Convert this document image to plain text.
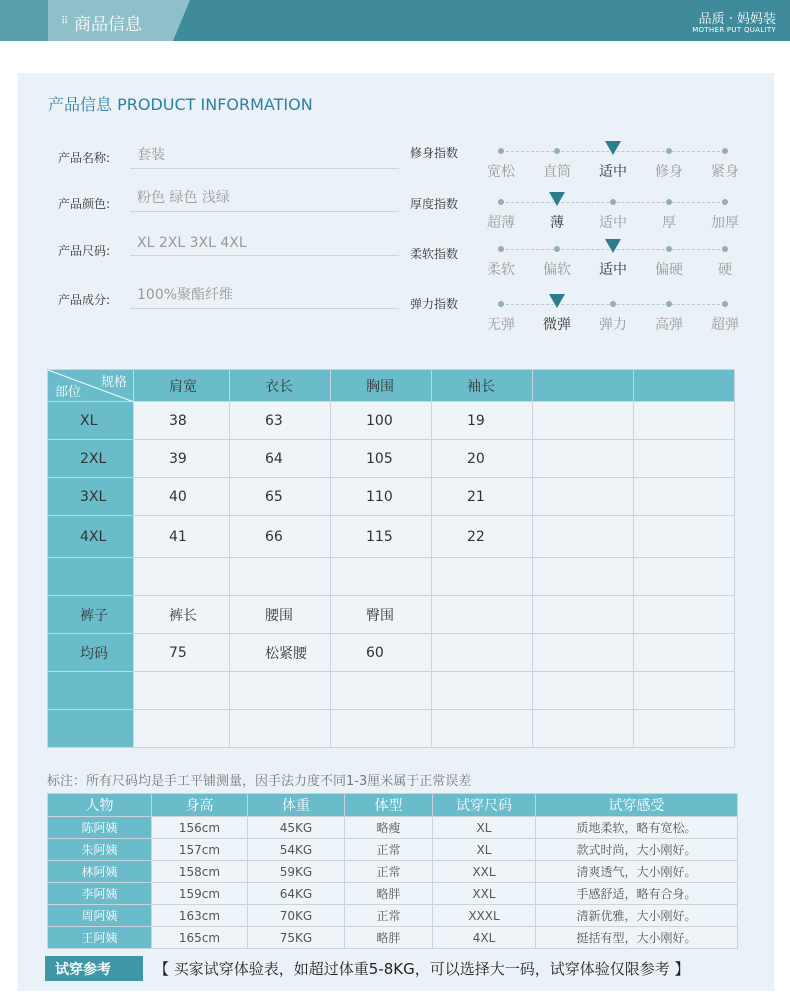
商品信息
⠿	品质 · 妈妈装
MOTHER PUT QUALITY
产品信息 PRODUCT INFORMATION
产品名称:	套装
产品颜色:	粉色 绿色 浅绿
产品尺码:	XL 2XL 3XL 4XL
产品成分:	100%聚酯纤维
修身指数
宽松	直筒	适中	修身	紧身
厚度指数
超薄	薄	适中	厚	加厚
柔软指数
柔软	偏软	适中	偏硬	硬
弹力指数
无弹	微弹	弹力	高弹	超弹
规格
部位	肩宽	衣长	胸围	袖长		
XL	38	63	100	19		
2XL	39	64	105	20		
3XL	40	65	110	21		
4XL	41	66	115	22		

裤子	裤长	腰围	臀围			
均码	75	松紧腰	60			

标注：所有尺码均是手工平铺测量，因手法力度不同1-3厘米属于正常误差
人物	身高	体重	体型	试穿尺码	试穿感受
陈阿姨	156cm	45KG	略瘦	XL	质地柔软，略有宽松。
朱阿姨	157cm	54KG	正常	XL	款式时尚，大小刚好。
林阿姨	158cm	59KG	正常	XXL	清爽透气，大小刚好。
李阿姨	159cm	64KG	略胖	XXL	手感舒适，略有合身。
周阿姨	163cm	70KG	正常	XXXL	清新优雅，大小刚好。
王阿姨	165cm	75KG	略胖	4XL	挺括有型，大小刚好。
试穿参考	【 买家试穿体验表，如超过体重5-8KG，可以选择大一码，试穿体验仅限参考 】
